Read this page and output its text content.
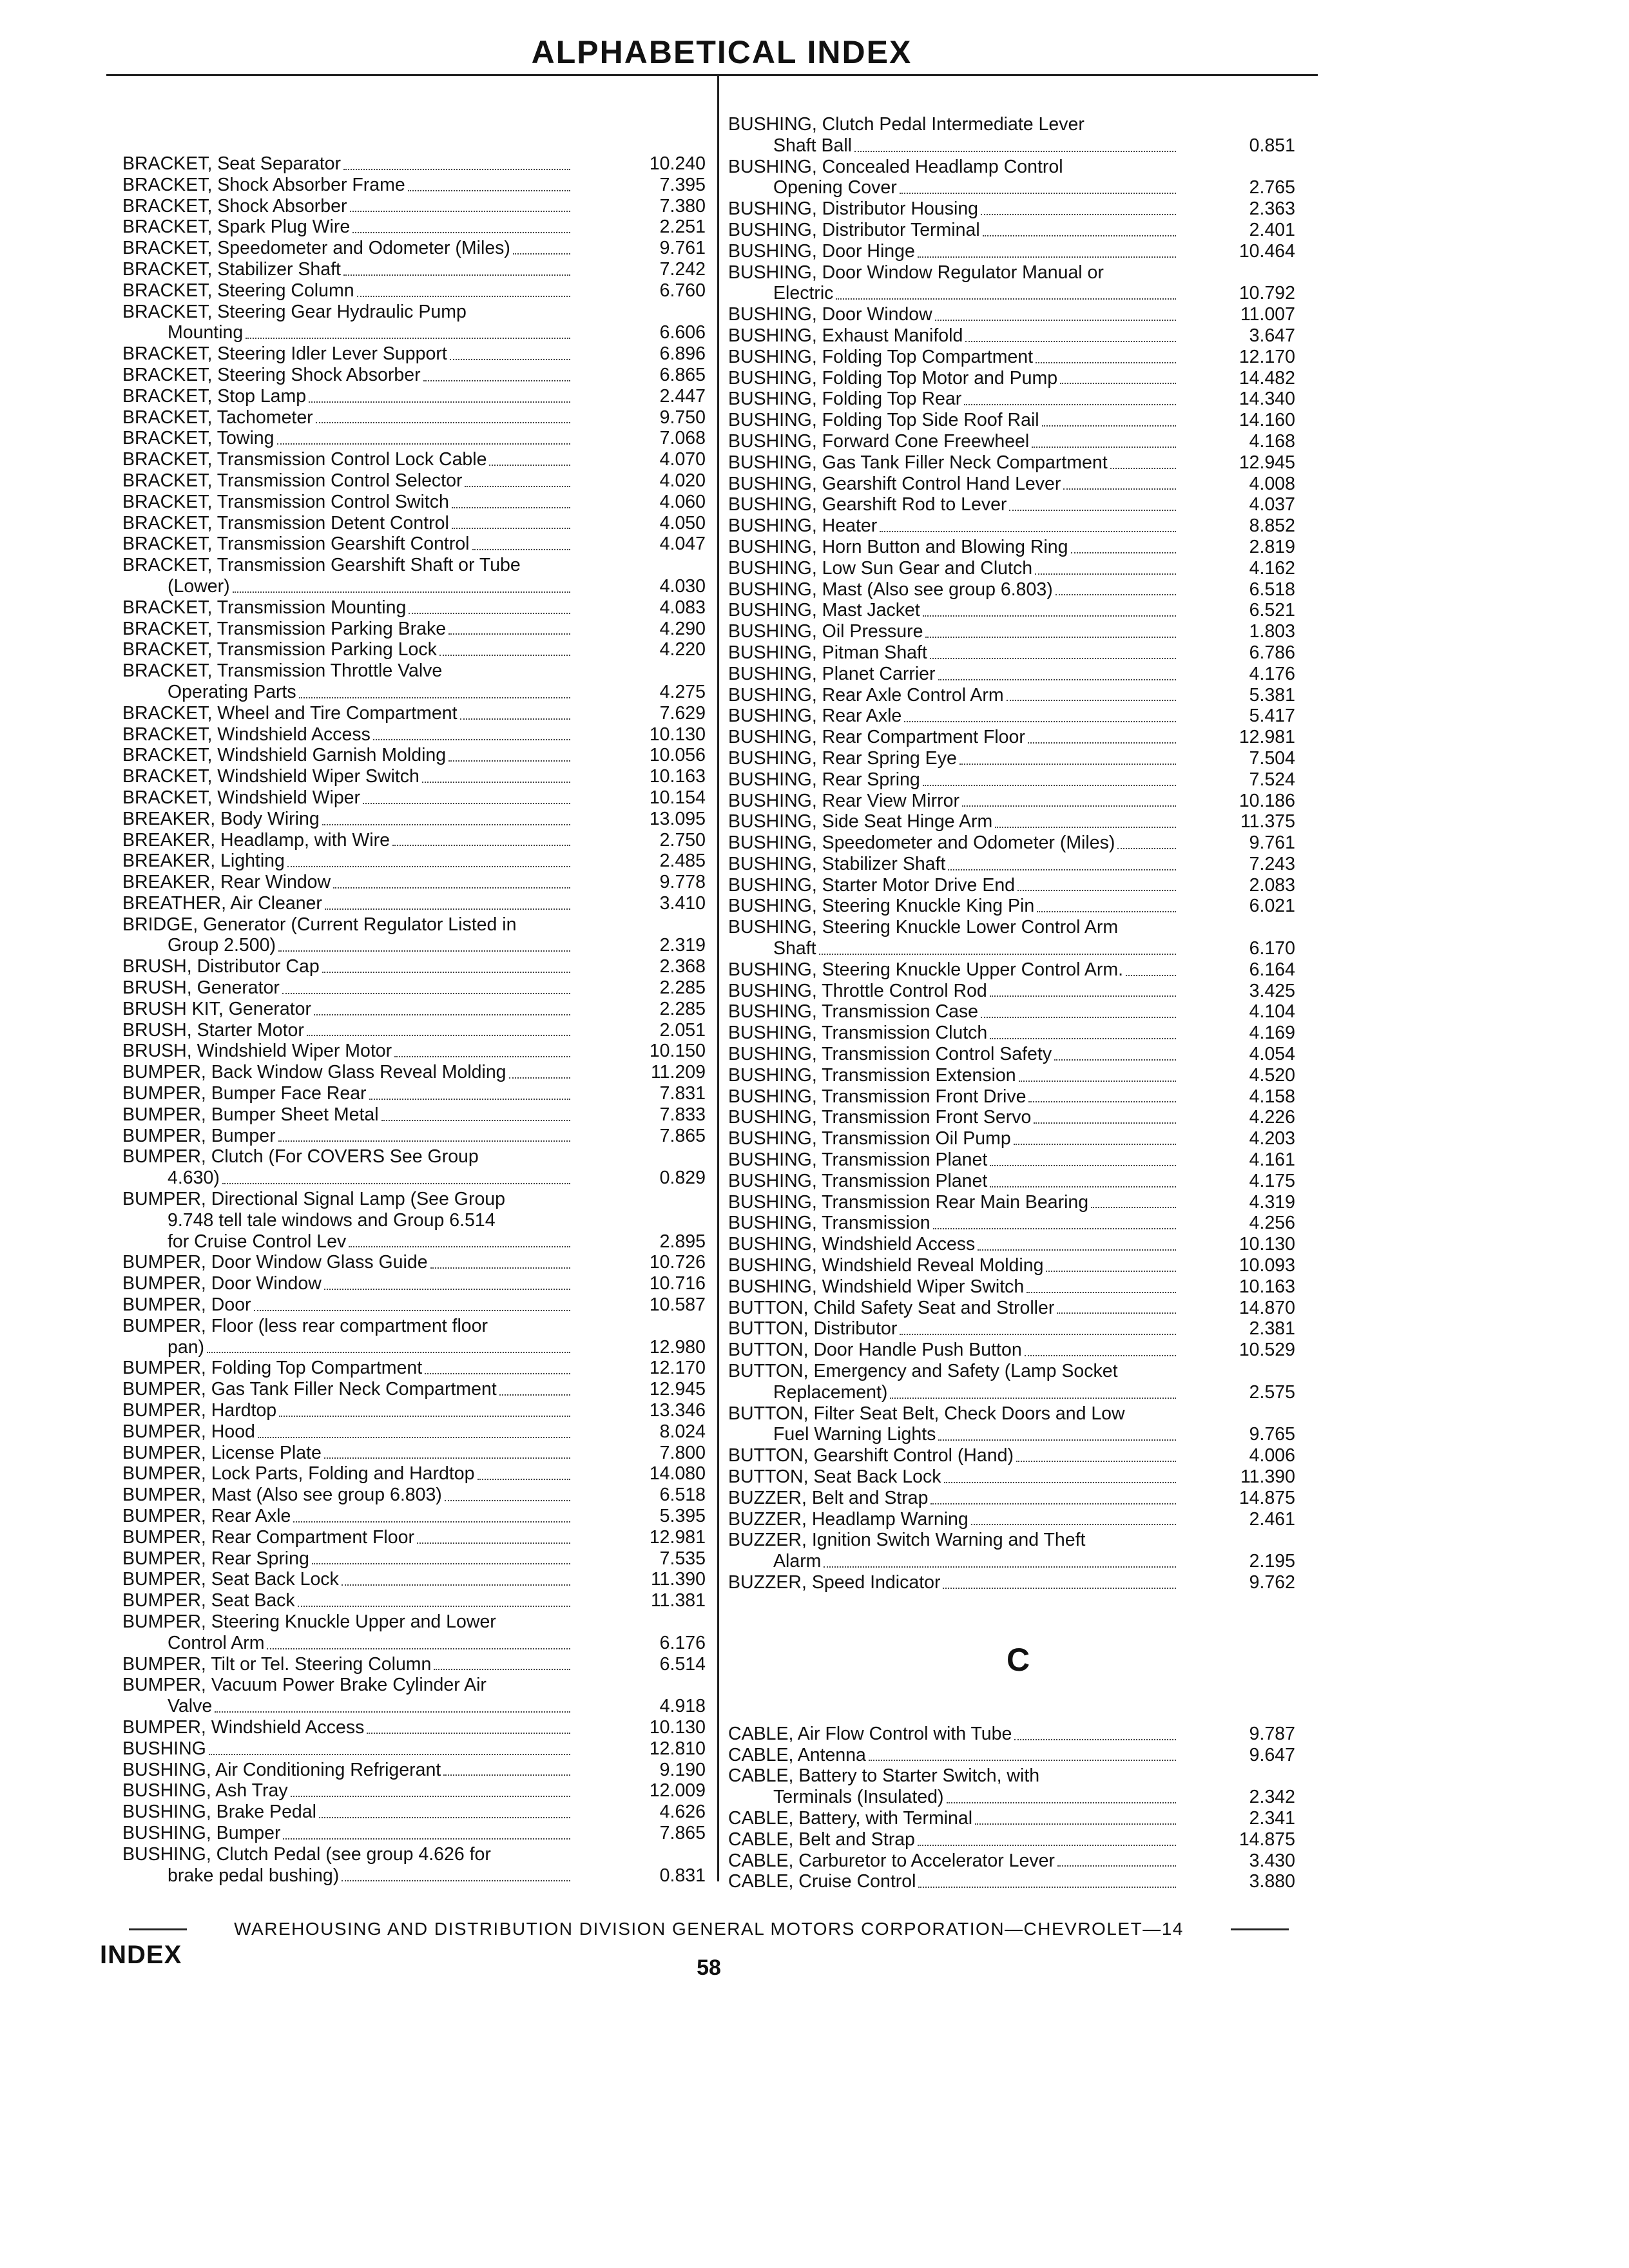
ALPHABETICAL INDEX
BRACKET, Seat Separator	10.240
BRACKET, Shock Absorber Frame	7.395
BRACKET, Shock Absorber	7.380
BRACKET, Spark Plug Wire	2.251
BRACKET, Speedometer and Odometer (Miles)	9.761
BRACKET, Stabilizer Shaft	7.242
BRACKET, Steering Column	6.760
BRACKET, Steering Gear Hydraulic Pump
Mounting	6.606
BRACKET, Steering Idler Lever Support	6.896
BRACKET, Steering Shock Absorber	6.865
BRACKET, Stop Lamp	2.447
BRACKET, Tachometer	9.750
BRACKET, Towing	7.068
BRACKET, Transmission Control Lock Cable	4.070
BRACKET, Transmission Control Selector	4.020
BRACKET, Transmission Control Switch	4.060
BRACKET, Transmission Detent Control	4.050
BRACKET, Transmission Gearshift Control	4.047
BRACKET, Transmission Gearshift Shaft or Tube
(Lower)	4.030
BRACKET, Transmission Mounting	4.083
BRACKET, Transmission Parking Brake	4.290
BRACKET, Transmission Parking Lock	4.220
BRACKET, Transmission Throttle Valve
Operating Parts	4.275
BRACKET, Wheel and Tire Compartment	7.629
BRACKET, Windshield Access	10.130
BRACKET, Windshield Garnish Molding	10.056
BRACKET, Windshield Wiper Switch	10.163
BRACKET, Windshield Wiper	10.154
BREAKER, Body Wiring	13.095
BREAKER, Headlamp, with Wire	2.750
BREAKER, Lighting	2.485
BREAKER, Rear Window	9.778
BREATHER, Air Cleaner	3.410
BRIDGE, Generator (Current Regulator Listed in
Group 2.500)	2.319
BRUSH, Distributor Cap	2.368
BRUSH, Generator	2.285
BRUSH KIT, Generator	2.285
BRUSH, Starter Motor	2.051
BRUSH, Windshield Wiper Motor	10.150
BUMPER, Back Window Glass Reveal Molding	11.209
BUMPER, Bumper Face Rear	7.831
BUMPER, Bumper Sheet Metal	7.833
BUMPER, Bumper	7.865
BUMPER, Clutch (For COVERS See Group
4.630)	0.829
BUMPER, Directional Signal Lamp (See Group
9.748 tell tale windows and Group 6.514
for Cruise Control Lev	2.895
BUMPER, Door Window Glass Guide	10.726
BUMPER, Door Window	10.716
BUMPER, Door	10.587
BUMPER, Floor (less rear compartment floor
pan)	12.980
BUMPER, Folding Top Compartment	12.170
BUMPER, Gas Tank Filler Neck Compartment	12.945
BUMPER, Hardtop	13.346
BUMPER, Hood	8.024
BUMPER, License Plate	7.800
BUMPER, Lock Parts, Folding and Hardtop	14.080
BUMPER, Mast (Also see group 6.803)	6.518
BUMPER, Rear Axle	5.395
BUMPER, Rear Compartment Floor	12.981
BUMPER, Rear Spring	7.535
BUMPER, Seat Back Lock	11.390
BUMPER, Seat Back	11.381
BUMPER, Steering Knuckle Upper and Lower
Control Arm	6.176
BUMPER, Tilt or Tel. Steering Column	6.514
BUMPER, Vacuum Power Brake Cylinder Air
Valve	4.918
BUMPER, Windshield Access	10.130
BUSHING	12.810
BUSHING, Air Conditioning Refrigerant	9.190
BUSHING, Ash Tray	12.009
BUSHING, Brake Pedal	4.626
BUSHING, Bumper	7.865
BUSHING, Clutch Pedal (see group 4.626 for
brake pedal bushing)	0.831
BUSHING, Clutch Pedal Intermediate Lever
Shaft Ball	0.851
BUSHING, Concealed Headlamp Control
Opening Cover	2.765
BUSHING, Distributor Housing	2.363
BUSHING, Distributor Terminal	2.401
BUSHING, Door Hinge	10.464
BUSHING, Door Window Regulator Manual or
Electric	10.792
BUSHING, Door Window	11.007
BUSHING, Exhaust Manifold	3.647
BUSHING, Folding Top Compartment	12.170
BUSHING, Folding Top Motor and Pump	14.482
BUSHING, Folding Top Rear	14.340
BUSHING, Folding Top Side Roof Rail	14.160
BUSHING, Forward Cone Freewheel	4.168
BUSHING, Gas Tank Filler Neck Compartment	12.945
BUSHING, Gearshift Control Hand Lever	4.008
BUSHING, Gearshift Rod to Lever	4.037
BUSHING, Heater	8.852
BUSHING, Horn Button and Blowing Ring	2.819
BUSHING, Low Sun Gear and Clutch	4.162
BUSHING, Mast (Also see group 6.803)	6.518
BUSHING, Mast Jacket	6.521
BUSHING, Oil Pressure	1.803
BUSHING, Pitman Shaft	6.786
BUSHING, Planet Carrier	4.176
BUSHING, Rear Axle Control Arm	5.381
BUSHING, Rear Axle	5.417
BUSHING, Rear Compartment Floor	12.981
BUSHING, Rear Spring Eye	7.504
BUSHING, Rear Spring	7.524
BUSHING, Rear View Mirror	10.186
BUSHING, Side Seat Hinge Arm	11.375
BUSHING, Speedometer and Odometer (Miles)	9.761
BUSHING, Stabilizer Shaft	7.243
BUSHING, Starter Motor Drive End	2.083
BUSHING, Steering Knuckle King Pin	6.021
BUSHING, Steering Knuckle Lower Control Arm
Shaft	6.170
BUSHING, Steering Knuckle Upper Control Arm.	6.164
BUSHING, Throttle Control Rod	3.425
BUSHING, Transmission Case	4.104
BUSHING, Transmission Clutch	4.169
BUSHING, Transmission Control Safety	4.054
BUSHING, Transmission Extension	4.520
BUSHING, Transmission Front Drive	4.158
BUSHING, Transmission Front Servo	4.226
BUSHING, Transmission Oil Pump	4.203
BUSHING, Transmission Planet	4.161
BUSHING, Transmission Planet	4.175
BUSHING, Transmission Rear Main Bearing	4.319
BUSHING, Transmission	4.256
BUSHING, Windshield Access	10.130
BUSHING, Windshield Reveal Molding	10.093
BUSHING, Windshield Wiper Switch	10.163
BUTTON, Child Safety Seat and Stroller	14.870
BUTTON, Distributor	2.381
BUTTON, Door Handle Push Button	10.529
BUTTON, Emergency and Safety (Lamp Socket
Replacement)	2.575
BUTTON, Filter Seat Belt, Check Doors and Low
Fuel Warning Lights	9.765
BUTTON, Gearshift Control (Hand)	4.006
BUTTON, Seat Back Lock	11.390
BUZZER, Belt and Strap	14.875
BUZZER, Headlamp Warning	2.461
BUZZER, Ignition Switch Warning and Theft
Alarm	2.195
BUZZER, Speed Indicator	9.762
C
CABLE, Air Flow Control with Tube	9.787
CABLE, Antenna	9.647
CABLE, Battery to Starter Switch, with
Terminals (Insulated)	2.342
CABLE, Battery, with Terminal	2.341
CABLE, Belt and Strap	14.875
CABLE, Carburetor to Accelerator Lever	3.430
CABLE, Cruise Control	3.880
WAREHOUSING AND DISTRIBUTION DIVISION GENERAL MOTORS CORPORATION—CHEVROLET—14
INDEX	58
